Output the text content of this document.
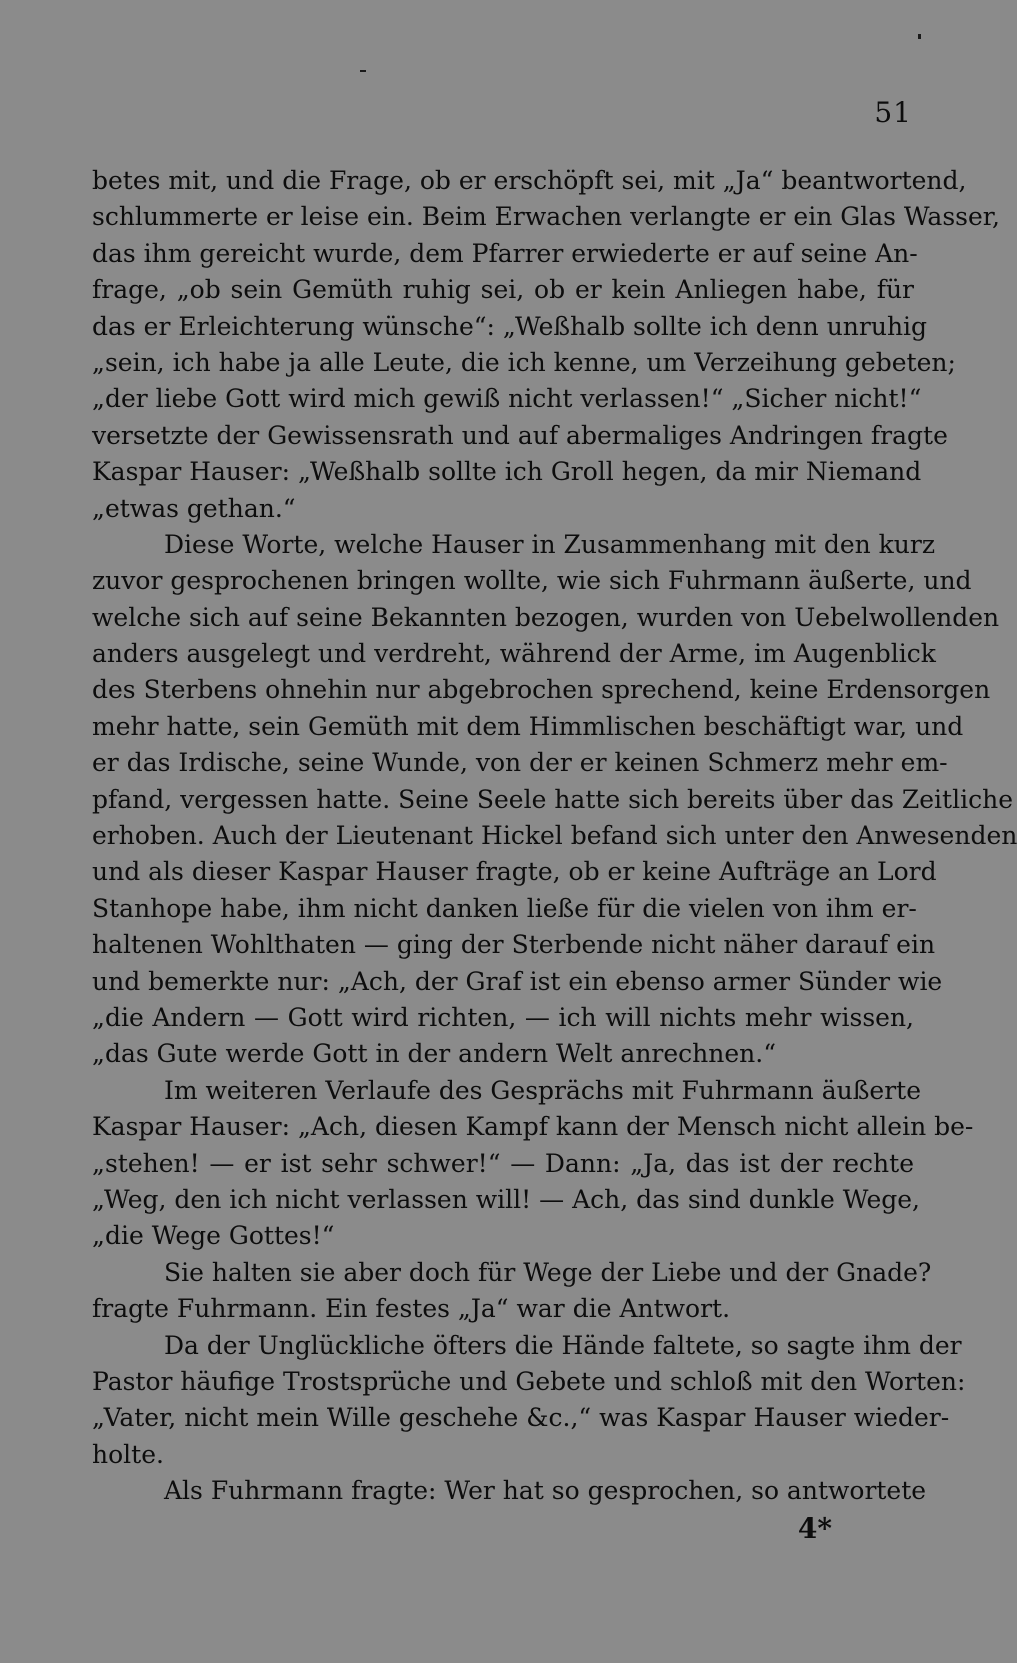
51
betes mit, und die Frage, ob er erschöpft sei, mit „Ja“ beantwortend,
schlummerte er leise ein. Beim Erwachen verlangte er ein Glas Wasser,
das ihm gereicht wurde, dem Pfarrer erwiederte er auf seine An-
frage, „ob sein Gemüth ruhig sei, ob er kein Anliegen habe, für
das er Erleichterung wünsche“: „Weßhalb sollte ich denn unruhig
„sein, ich habe ja alle Leute, die ich kenne, um Verzeihung gebeten;
„der liebe Gott wird mich gewiß nicht verlassen!“ „Sicher nicht!“
versetzte der Gewissensrath und auf abermaliges Andringen fragte
Kaspar Hauser: „Weßhalb sollte ich Groll hegen, da mir Niemand
„etwas gethan.“
Diese Worte, welche Hauser in Zusammenhang mit den kurz
zuvor gesprochenen bringen wollte, wie sich Fuhrmann äußerte, und
welche sich auf seine Bekannten bezogen, wurden von Uebelwollenden
anders ausgelegt und verdreht, während der Arme, im Augenblick
des Sterbens ohnehin nur abgebrochen sprechend, keine Erdensorgen
mehr hatte, sein Gemüth mit dem Himmlischen beschäftigt war, und
er das Irdische, seine Wunde, von der er keinen Schmerz mehr em-
pfand, vergessen hatte. Seine Seele hatte sich bereits über das Zeitliche
erhoben. Auch der Lieutenant Hickel befand sich unter den Anwesenden
und als dieser Kaspar Hauser fragte, ob er keine Aufträge an Lord
Stanhope habe, ihm nicht danken ließe für die vielen von ihm er-
haltenen Wohlthaten — ging der Sterbende nicht näher darauf ein
und bemerkte nur: „Ach, der Graf ist ein ebenso armer Sünder wie
„die Andern — Gott wird richten, — ich will nichts mehr wissen,
„das Gute werde Gott in der andern Welt anrechnen.“
Im weiteren Verlaufe des Gesprächs mit Fuhrmann äußerte
Kaspar Hauser: „Ach, diesen Kampf kann der Mensch nicht allein be-
„stehen! — er ist sehr schwer!“ — Dann: „Ja, das ist der rechte
„Weg, den ich nicht verlassen will! — Ach, das sind dunkle Wege,
„die Wege Gottes!“
Sie halten sie aber doch für Wege der Liebe und der Gnade?
fragte Fuhrmann. Ein festes „Ja“ war die Antwort.
Da der Unglückliche öfters die Hände faltete, so sagte ihm der
Pastor häufige Trostsprüche und Gebete und schloß mit den Worten:
„Vater, nicht mein Wille geschehe &c.,“ was Kaspar Hauser wieder-
holte.
Als Fuhrmann fragte: Wer hat so gesprochen, so antwortete
4*
